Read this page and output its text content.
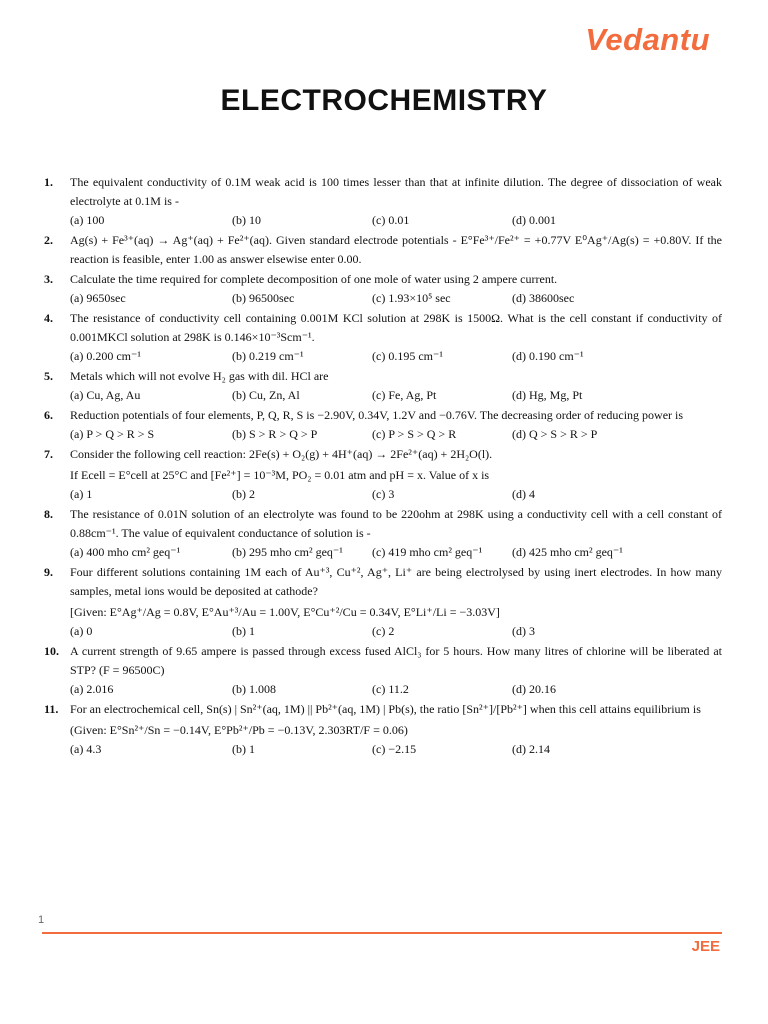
Vedantu
ELECTROCHEMISTRY
1. The equivalent conductivity of 0.1M weak acid is 100 times lesser than that at infinite dilution. The degree of dissociation of weak electrolyte at 0.1M is -
(a) 100	(b) 10	(c) 0.01	(d) 0.001
2. Ag(s) + Fe³⁺(aq) → Ag⁺(aq) + Fe²⁺(aq). Given standard electrode potentials - E°Fe³⁺/Fe²⁺ = +0.77V E⁰Ag⁺/Ag(s) = +0.80V. If the reaction is feasible, enter 1.00 as answer elsewise enter 0.00.
3. Calculate the time required for complete decomposition of one mole of water using 2 ampere current.
(a) 9650sec	(b) 96500sec	(c) 1.93×10⁵ sec	(d) 38600sec
4. The resistance of conductivity cell containing 0.001M KCl solution at 298K is 1500Ω. What is the cell constant if conductivity of 0.001MKCl solution at 298K is 0.146×10⁻³Scm⁻¹.
(a) 0.200 cm⁻¹	(b) 0.219 cm⁻¹	(c) 0.195 cm⁻¹	(d) 0.190 cm⁻¹
5. Metals which will not evolve H₂ gas with dil. HCl are
(a) Cu, Ag, Au	(b) Cu, Zn, Al	(c) Fe, Ag, Pt	(d) Hg, Mg, Pt
6. Reduction potentials of four elements, P, Q, R, S is −2.90V, 0.34V, 1.2V and −0.76V. The decreasing order of reducing power is
(a) P > Q > R > S	(b) S > R > Q > P	(c) P > S > Q > R	(d) Q > S > R > P
7. Consider the following cell reaction: 2Fe(s) + O₂(g) + 4H⁺(aq) → 2Fe²⁺(aq) + 2H₂O(l).
If Ecell = E°cell at 25°C and [Fe²⁺] = 10⁻³M, PO₂ = 0.01 atm and pH = x. Value of x is
(a) 1	(b) 2	(c) 3	(d) 4
8. The resistance of 0.01N solution of an electrolyte was found to be 220ohm at 298K using a conductivity cell with a cell constant of 0.88cm⁻¹. The value of equivalent conductance of solution is -
(a) 400 mho cm² geq⁻¹	(b) 295 mho cm² geq⁻¹	(c) 419 mho cm² geq⁻¹	(d) 425 mho cm² geq⁻¹
9. Four different solutions containing 1M each of Au⁺³, Cu⁺², Ag⁺, Li⁺ are being electrolysed by using inert electrodes. In how many samples, metal ions would be deposited at cathode?
[Given: E°Ag⁺/Ag = 0.8V, E°Au⁺³/Au = 1.00V, E°Cu⁺²/Cu = 0.34V, E°Li⁺/Li = −3.03V]
(a) 0	(b) 1	(c) 2	(d) 3
10. A current strength of 9.65 ampere is passed through excess fused AlCl₃ for 5 hours. How many litres of chlorine will be liberated at STP? (F = 96500C)
(a) 2.016	(b) 1.008	(c) 11.2	(d) 20.16
11. For an electrochemical cell, Sn(s) | Sn²⁺(aq, 1M) || Pb²⁺(aq, 1M) | Pb(s), the ratio [Sn²⁺]/[Pb²⁺] when this cell attains equilibrium is
(Given: E°Sn²⁺/Sn = −0.14V, E°Pb²⁺/Pb = −0.13V, 2.303RT/F = 0.06)
(a) 4.3	(b) 1	(c) −2.15	(d) 2.14
1
JEE
